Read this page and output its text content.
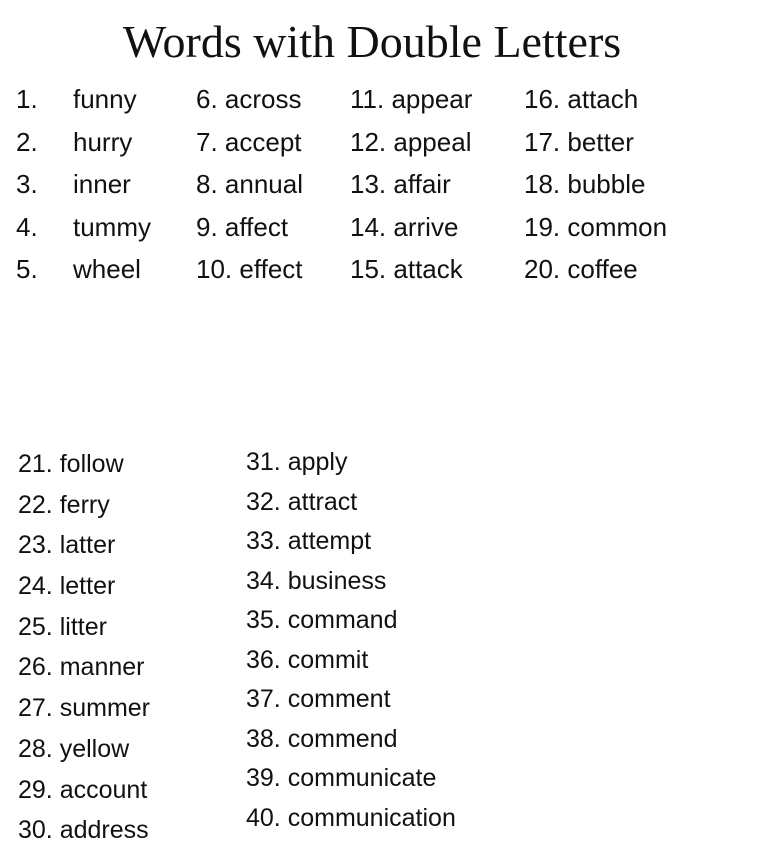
Words with Double Letters
1. funny
2. hurry
3. inner
4. tummy
5. wheel
6. across
7. accept
8. annual
9. affect
10. effect
11. appear
12. appeal
13. affair
14. arrive
15. attack
16. attach
17. better
18. bubble
19. common
20. coffee
21. follow
22. ferry
23. latter
24. letter
25. litter
26. manner
27. summer
28. yellow
29. account
30. address
31. apply
32. attract
33. attempt
34. business
35. command
36. commit
37. comment
38. commend
39. communicate
40. communication
